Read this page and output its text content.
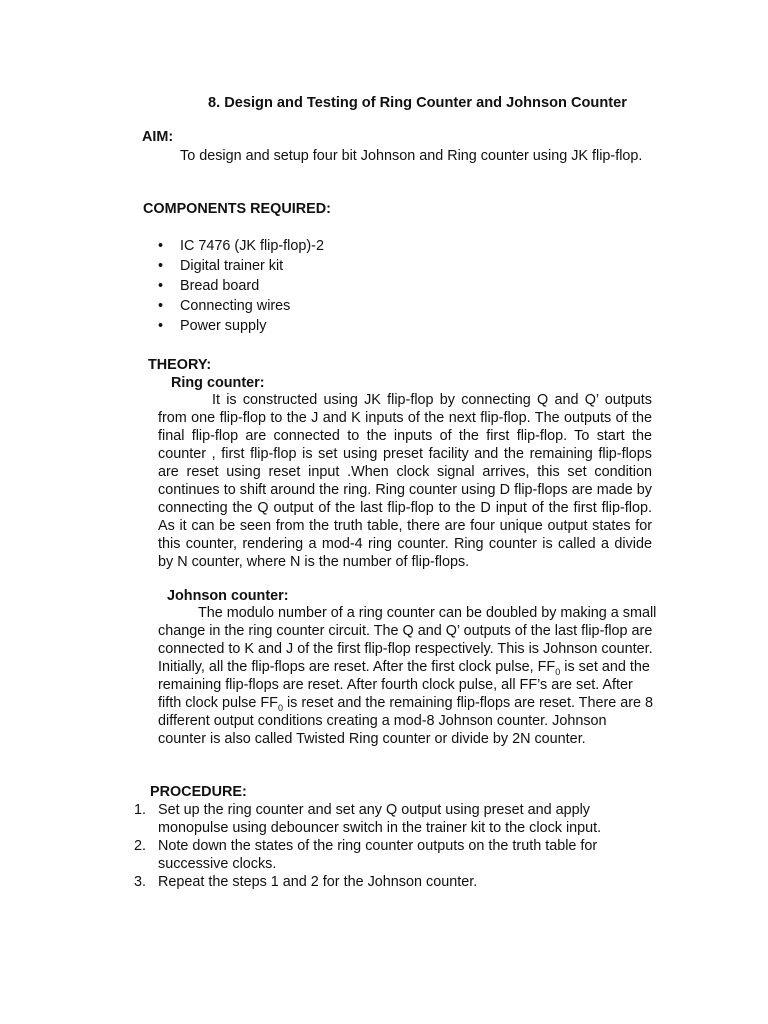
8. Design and Testing of Ring Counter and Johnson Counter
AIM:
To design and setup four bit Johnson and Ring counter using JK flip-flop.
COMPONENTS REQUIRED:
• IC 7476 (JK flip-flop)-2
• Digital trainer kit
• Bread board
• Connecting wires
• Power supply
THEORY:
Ring counter:
It is constructed using JK flip-flop by connecting Q and Q’ outputs from one flip-flop to the J and K inputs of the next flip-flop. The outputs of the final flip-flop are connected to the inputs of the first flip-flop. To start the counter , first flip-flop is set using preset facility and the remaining flip-flops are reset using reset input .When clock signal arrives, this set condition continues to shift around the ring. Ring counter using D flip-flops are made by connecting the Q output of the last flip-flop to the D input of the first flip-flop. As it can be seen from the truth table, there are four unique output states for this counter, rendering a mod-4 ring counter. Ring counter is called a divide by N counter, where N is the number of flip-flops.
Johnson counter:
The modulo number of a ring counter can be doubled by making a small change in the ring counter circuit. The Q and Q’ outputs of the last flip-flop are connected to K and J of the first flip-flop respectively. This is Johnson counter. Initially, all the flip-flops are reset. After the first clock pulse, $FF_0$ is set and the remaining flip-flops are reset. After fourth clock pulse, all FF’s are set. After fifth clock pulse $FF_0$ is reset and the remaining flip-flops are reset. There are 8 different output conditions creating a mod-8 Johnson counter. Johnson counter is also called Twisted Ring counter or divide by 2N counter.
PROCEDURE:
1. Set up the ring counter and set any Q output using preset and apply monopulse using debouncer switch in the trainer kit to the clock input.
2. Note down the states of the ring counter outputs on the truth table for successive clocks.
3. Repeat the steps 1 and 2 for the Johnson counter.
